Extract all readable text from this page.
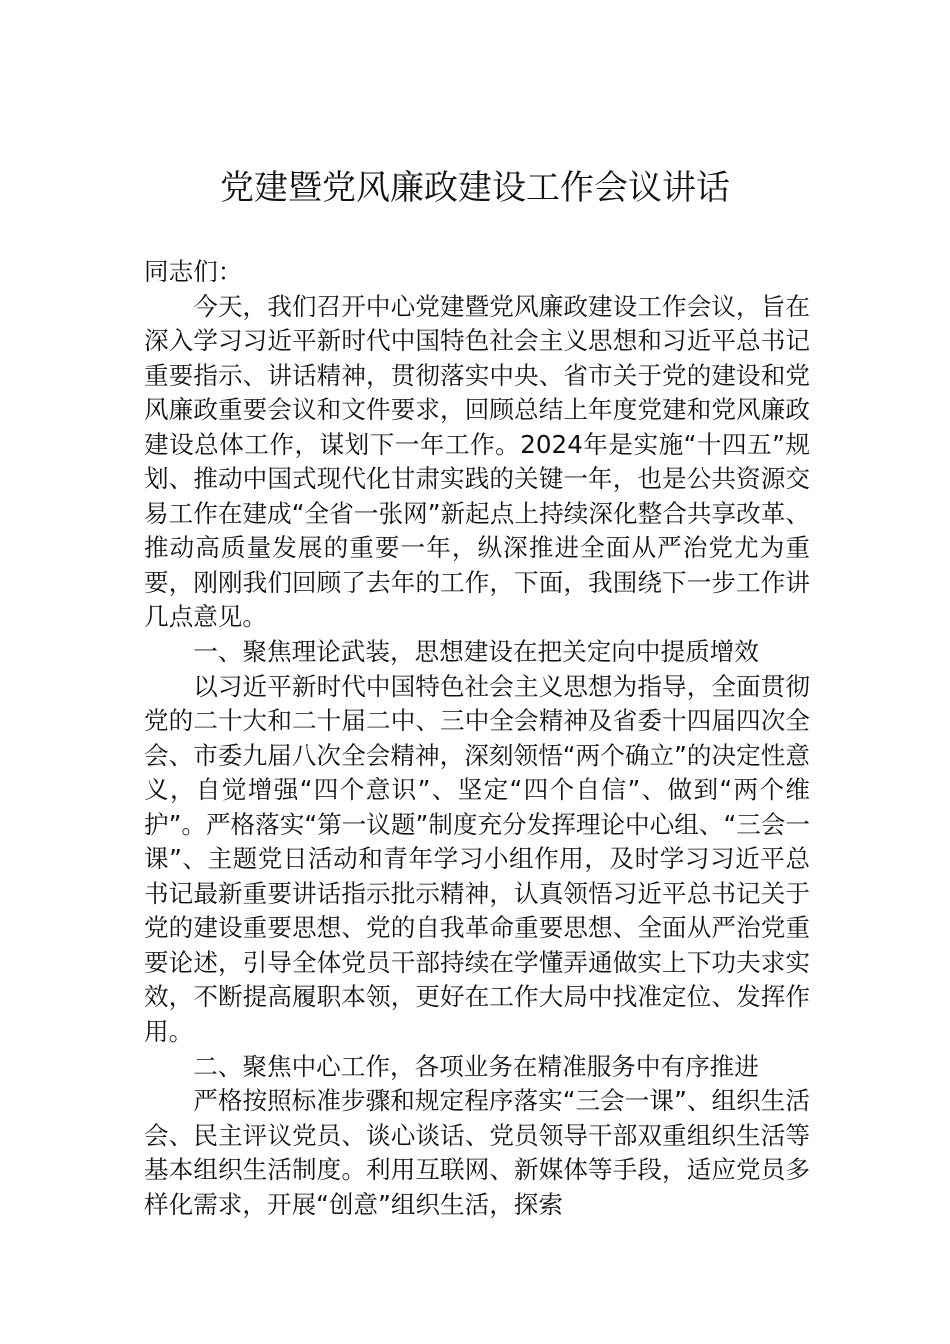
党建暨党风廉政建设工作会议讲话

同志们：

今天，我们召开中心党建暨党风廉政建设工作会议，旨在深入学习习近平新时代中国特色社会主义思想和习近平总书记重要指示、讲话精神，贯彻落实中央、省市关于党的建设和党风廉政重要会议和文件要求，回顾总结上年度党建和党风廉政建设总体工作，谋划下一年工作。2024年是实施“十四五”规划、推动中国式现代化甘肃实践的关键一年，也是公共资源交易工作在建成“全省一张网”新起点上持续深化整合共享改革、推动高质量发展的重要一年，纵深推进全面从严治党尤为重要，刚刚我们回顾了去年的工作，下面，我围绕下一步工作讲几点意见。

一、聚焦理论武装，思想建设在把关定向中提质增效

以习近平新时代中国特色社会主义思想为指导，全面贯彻党的二十大和二十届二中、三中全会精神及省委十四届四次全会、市委九届八次全会精神，深刻领悟“两个确立”的决定性意义，自觉增强“四个意识”、坚定“四个自信”、做到“两个维护”。严格落实“第一议题”制度充分发挥理论中心组、“三会一课”、主题党日活动和青年学习小组作用，及时学习习近平总书记最新重要讲话指示批示精神，认真领悟习近平总书记关于党的建设重要思想、党的自我革命重要思想、全面从严治党重要论述，引导全体党员干部持续在学懂弄通做实上下功夫求实效，不断提高履职本领，更好在工作大局中找准定位、发挥作用。

二、聚焦中心工作，各项业务在精准服务中有序推进

严格按照标准步骤和规定程序落实“三会一课”、组织生活会、民主评议党员、谈心谈话、党员领导干部双重组织生活等基本组织生活制度。利用互联网、新媒体等手段，适应党员多样化需求，开展“创意”组织生活，探索
